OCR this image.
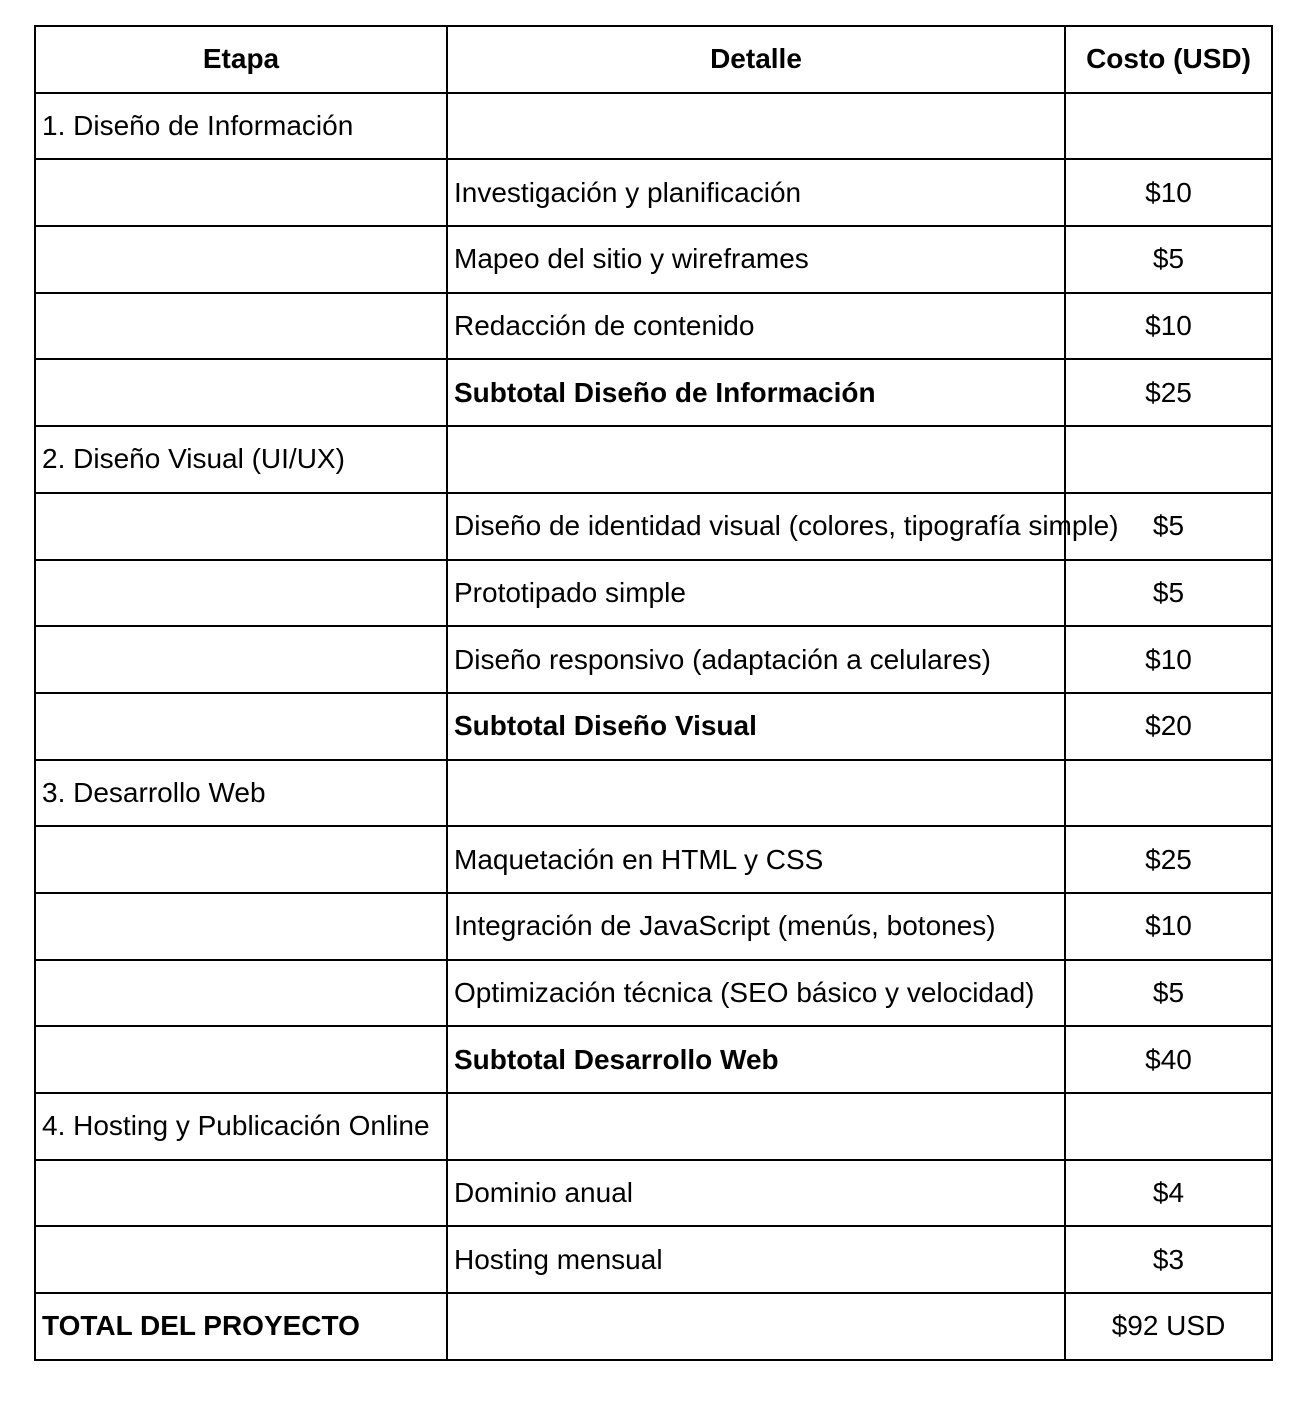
Etapa	Detalle	Costo (USD)
1. Diseño de Información		
	Investigación y planificación	$10
	Mapeo del sitio y wireframes	$5
	Redacción de contenido	$10
	Subtotal Diseño de Información	$25
2. Diseño Visual (UI/UX)		
	Diseño de identidad visual (colores, tipografía simple)	$5
	Prototipado simple	$5
	Diseño responsivo (adaptación a celulares)	$10
	Subtotal Diseño Visual	$20
3. Desarrollo Web		
	Maquetación en HTML y CSS	$25
	Integración de JavaScript (menús, botones)	$10
	Optimización técnica (SEO básico y velocidad)	$5
	Subtotal Desarrollo Web	$40
4. Hosting y Publicación Online		
	Dominio anual	$4
	Hosting mensual	$3
TOTAL DEL PROYECTO		$92 USD
